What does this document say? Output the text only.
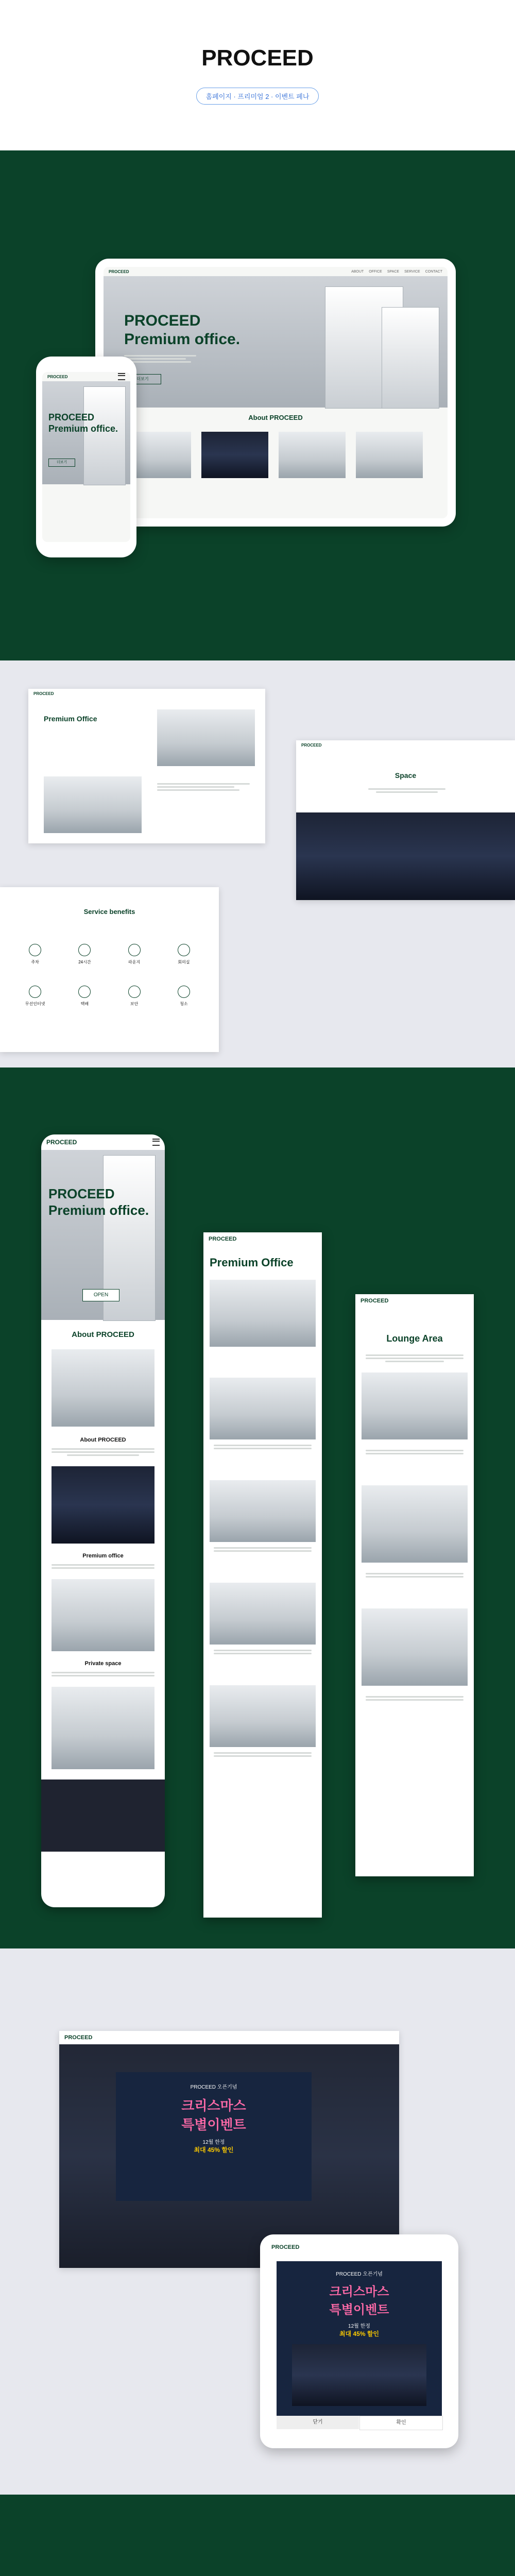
PROCEED
홈페이지 · 프리미엄 2 · 이벤트 페나
PROCEED	ABOUT OFFICE SPACE SERVICE CONTACT
PROCEED
Premium office.
더보기
About PROCEED
PROCEED
PROCEED
Premium office.
더보기
PROCEED
Premium Office
PROCEED
Space
Service benefits
주차	24시간	라운지	회의실
무선인터넷	택배	보안	청소
PROCEED
PROCEED
Premium office.
OPEN
About PROCEED
About PROCEED
Premium office
Private space
PROCEED
Premium Office
PROCEED
Lounge Area
PROCEED
PROCEED 오픈기념
크리스마스
특별이벤트
12월 한정
최대 45% 할인
PROCEED
PROCEED 오픈기념
크리스마스
특별이벤트
12월 한정
최대 45% 할인
닫기	확인
